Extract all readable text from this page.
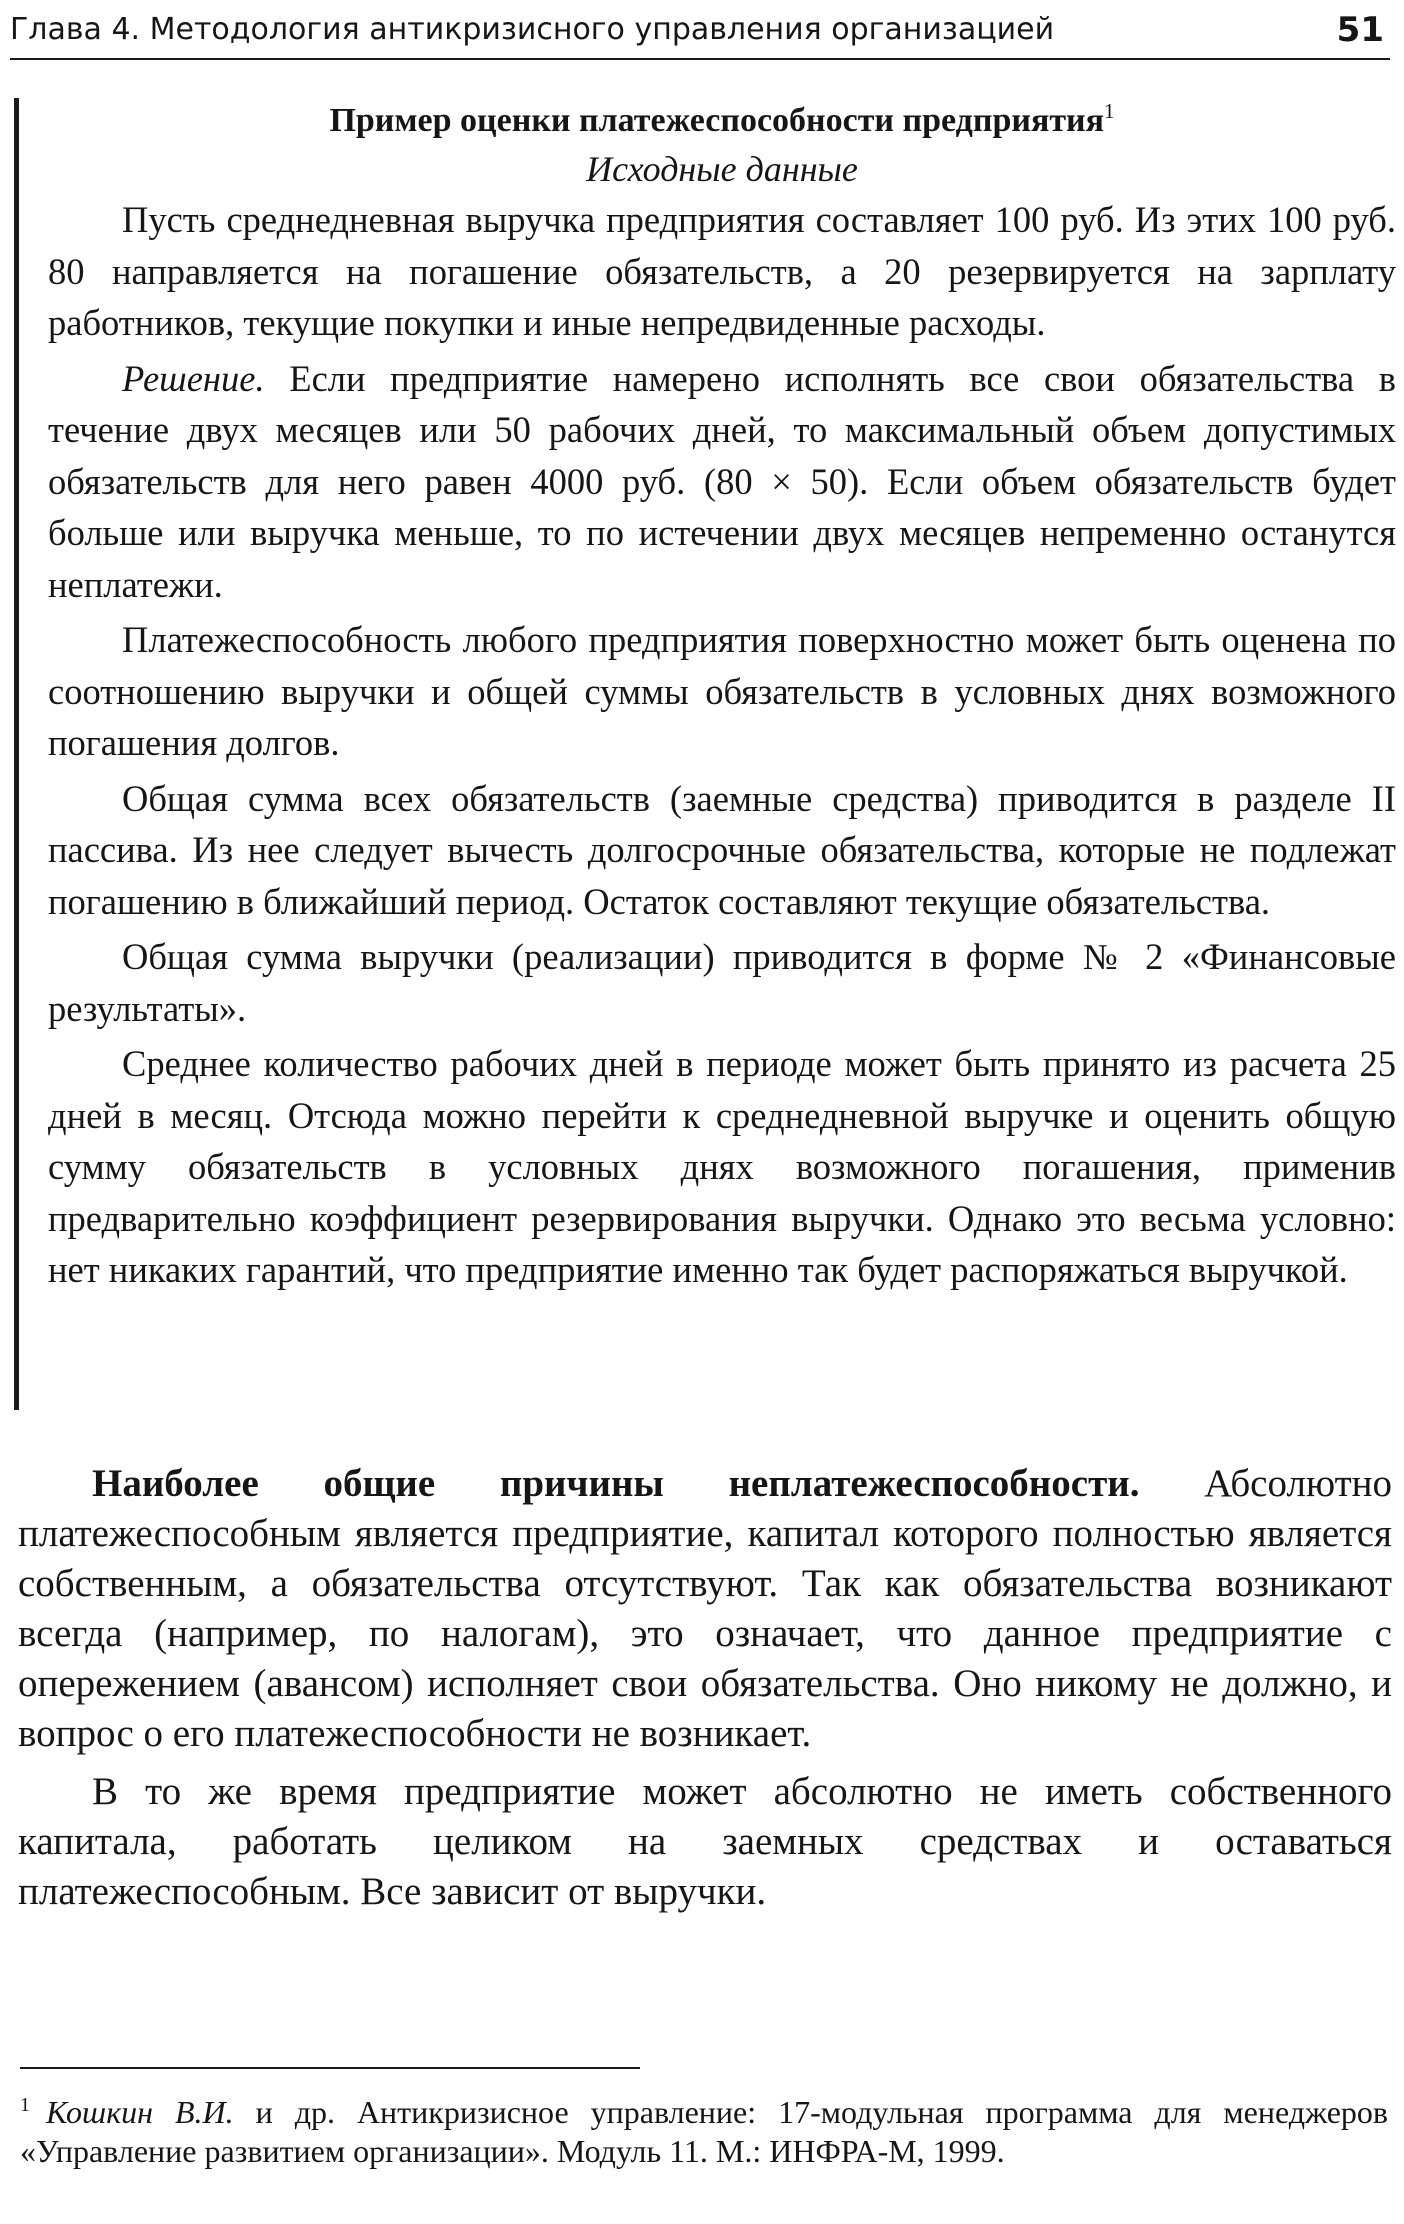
Глава 4. Методология антикризисного управления организацией	51
Пример оценки платежеспособности предприятия$^1$
Исходные данные

Пусть среднедневная выручка предприятия составляет 100 руб. Из этих 100 руб. 80 направляется на погашение обязательств, а 20 резервируется на зарплату работников, текущие покупки и иные непредвиденные расходы.

Решение. Если предприятие намерено исполнять все свои обязательства в течение двух месяцев или 50 рабочих дней, то максимальный объем допустимых обязательств для него равен 4000 руб. (80 × 50). Если объем обязательств будет больше или выручка меньше, то по истечении двух месяцев непременно останутся неплатежи.

Платежеспособность любого предприятия поверхностно может быть оценена по соотношению выручки и общей суммы обязательств в условных днях возможного погашения долгов.

Общая сумма всех обязательств (заемные средства) приводится в разделе II пассива. Из нее следует вычесть долгосрочные обязательства, которые не подлежат погашению в ближайший период. Остаток составляют текущие обязательства.

Общая сумма выручки (реализации) приводится в форме № 2 «Финансовые результаты».

Среднее количество рабочих дней в периоде может быть принято из расчета 25 дней в месяц. Отсюда можно перейти к среднедневной выручке и оценить общую сумму обязательств в условных днях возможного погашения, применив предварительно коэффициент резервирования выручки. Однако это весьма условно: нет никаких гарантий, что предприятие именно так будет распоряжаться выручкой.

Наиболее общие причины неплатежеспособности. Абсолютно платежеспособным является предприятие, капитал которого полностью является собственным, а обязательства отсутствуют. Так как обязательства возникают всегда (например, по налогам), это означает, что данное предприятие с опережением (авансом) исполняет свои обязательства. Оно никому не должно, и вопрос о его платежеспособности не возникает.

В то же время предприятие может абсолютно не иметь собственного капитала, работать целиком на заемных средствах и оставаться платежеспособным. Все зависит от выручки.

$^1$ Кошкин В.И. и др. Антикризисное управление: 17-модульная программа для менеджеров «Управление развитием организации». Модуль 11. М.: ИНФРА-М, 1999.
